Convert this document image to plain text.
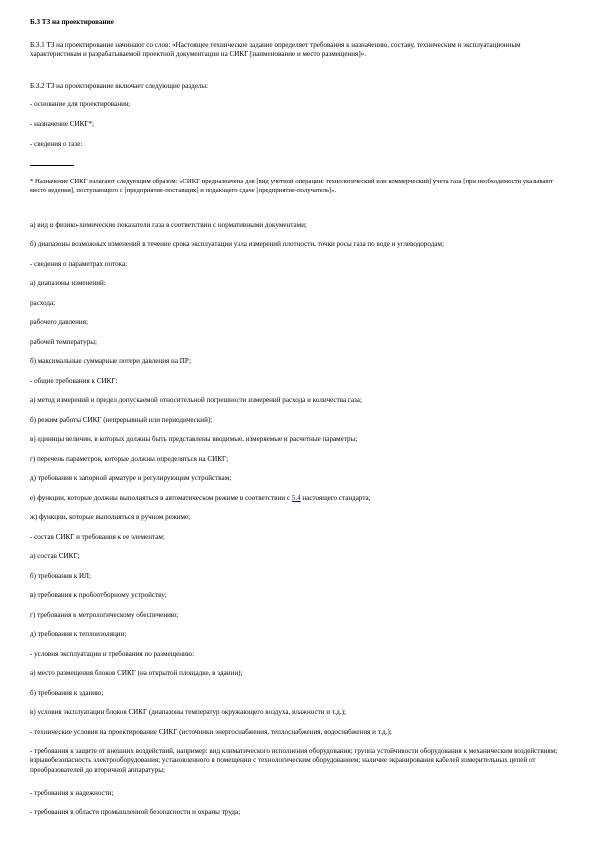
Б.3 ТЗ на проектирование

Б.3.1 ТЗ на проектирование начинают со слов: «Настоящее техническое задание определяет требования к назначению, составу, техническим и эксплуатационным характеристикам и разрабатываемой проектной документации на СИКГ [наименование и место размещения]».

Б.3.2 ТЗ на проектирование включает следующие разделы:

- основание для проектирования;

- назначение СИКГ*;

- сведения о газе:

* Назначение СИКГ излагают следующим образом: «СИКГ предназначена для [вид учетной операции: технологический или коммерческий] учета газа [при необходимости указывают место ведения], поступающего с [предприятие-поставщик] и подающего сдаче [предприятие-получатель]».

а) вид и физико-химические показатели газа в соответствии с нормативными документами;

б) диапазоны возможных изменений в течение срока эксплуатации узла измерений плотности, точки росы газа по воде и углеводородам;

- сведения о параметрах потока:

а) диапазоны изменений:

расхода;

рабочего давления;

рабочей температуры;

б) максимальные суммарные потери давления на ПР;

- общие требования к СИКГ:

а) метод измерений и предел допускаемой относительной погрешности измерений расхода и количества газа;

б) режим работы СИКГ (непрерывный или периодический);

в) единицы величин, в которых должны быть представлены вводимые, измеряемые и расчетные параметры;

г) перечень параметров, которые должны определяться на СИКГ;

д) требования к запорной арматуре и регулирующим устройствам;

е) функции, которые должны выполняться в автоматическом режиме в соответствии с 5.4 настоящего стандарта;

ж) функции, которые выполняться в ручном режиме;

- состав СИКГ и требования к ее элементам:

а) состав СИКГ;

б) требования к ИЛ;

в) требования к пробоотборному устройству;

г) требования к метрологическому обеспечению;

д) требования к теплоизоляции;

- условия эксплуатации и требования по размещению:

а) место размещения блоков СИКГ (на открытой площадке, в здании);

б) требования к зданию;

в) условия эксплуатации блоков СИКГ (диапазоны температур окружающего воздуха, влажности и т.д.);

- технические условия на проектирование СИКГ (источники энергоснабжения, теплоснабжения, водоснабжения и т.д.);

- требования к защите от внешних воздействий, например: вид климатического исполнения оборудования; группа устойчивости оборудования к механическим воздействиям; взрывобезопасность электрооборудования; установленного в помещении с технологическим оборудованием; наличие экранирования кабелей измерительных цепей от преобразователей до вторичной аппаратуры;

- требования к надежности;

- требования в области промышленной безопасности и охраны труда;
